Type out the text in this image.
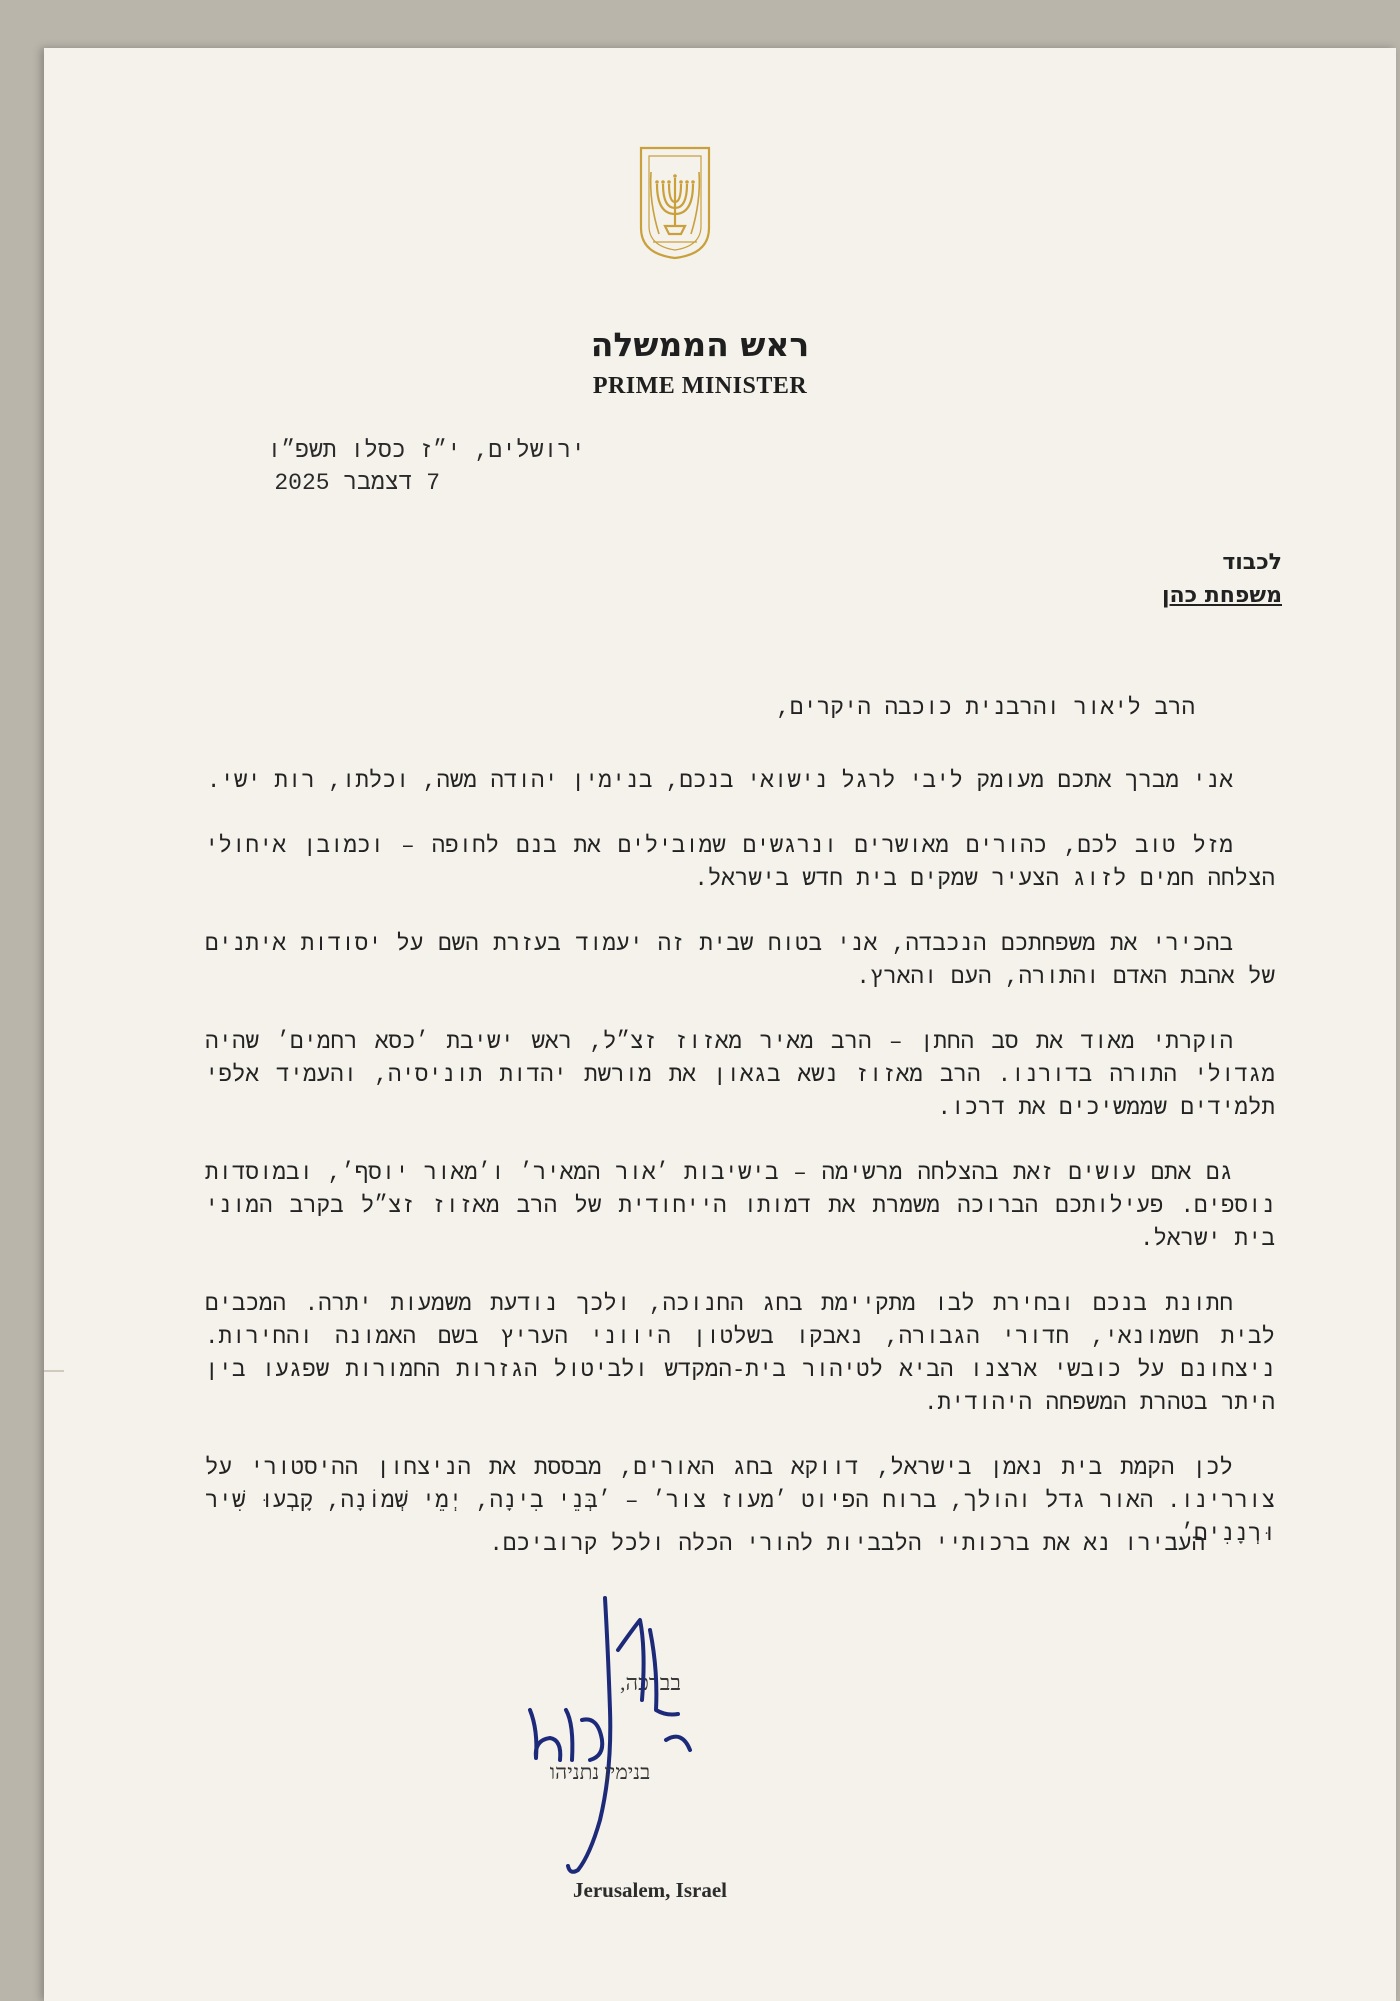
ראש הממשלה
PRIME MINISTER
ירושלים, י״ז כסלו תשפ״ו
7 דצמבר 2025
לכבוד
משפחת כהן

הרב ליאור והרבנית כוכבה היקרים,

אני מברך אתכם מעומק ליבי לרגל נישואי בנכם, בנימין יהודה משה, וכלתו, רות ישי.

מזל טוב לכם, כהורים מאושרים ונרגשים שמובילים את בנם לחופה – וכמובן איחולי הצלחה חמים לזוג הצעיר שמקים בית חדש בישראל.

בהכירי את משפחתכם הנכבדה, אני בטוח שבית זה יעמוד בעזרת השם על יסודות איתנים של אהבת האדם והתורה, העם והארץ.

הוקרתי מאוד את סב החתן – הרב מאיר מאזוז זצ״ל, ראש ישיבת ׳כסא רחמים׳ שהיה מגדולי התורה בדורנו. הרב מאזוז נשא בגאון את מורשת יהדות תוניסיה, והעמיד אלפי תלמידים שממשיכים את דרכו.

גם אתם עושים זאת בהצלחה מרשימה – בישיבות ׳אור המאיר׳ ו׳מאור יוסף׳, ובמוסדות נוספים. פעילותכם הברוכה משמרת את דמותו הייחודית של הרב מאזוז זצ״ל בקרב המוני בית ישראל.

חתונת בנכם ובחירת לבו מתקיימת בחג החנוכה, ולכך נודעת משמעות יתרה. המכבים לבית חשמונאי, חדורי הגבורה, נאבקו בשלטון היווני העריץ בשם האמונה והחירות. ניצחונם על כובשי ארצנו הביא לטיהור בית-המקדש ולביטול הגזרות החמורות שפגעו בין היתר בטהרת המשפחה היהודית.

לכן הקמת בית נאמן בישראל, דווקא בחג האורים, מבססת את הניצחון ההיסטורי על צוררינו. האור גדל והולך, ברוח הפיוט ׳מעוז צור׳ – ׳בְּנֵי בִינָה, יְמֵי שְׁמוֹנָה, קָבְעוּ שִׁיר וּרְנָנִים׳.

העבירו נא את ברכותיי הלבביות להורי הכלה ולכל קרוביכם.
בברכה,
בנימין נתניהו
Jerusalem, Israel
